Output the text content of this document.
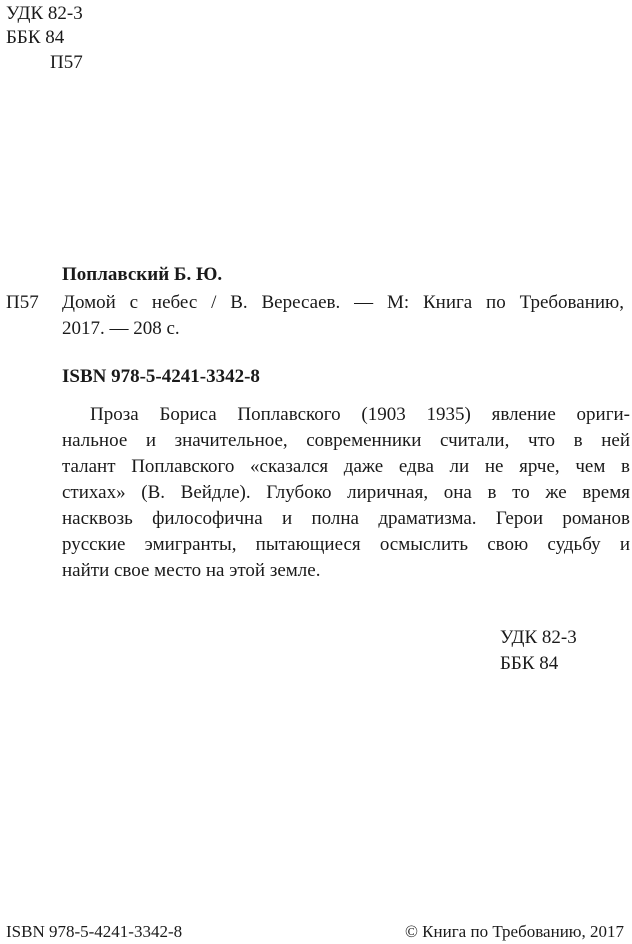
УДК 82-3
ББК 84
П57
Поплавский Б. Ю.
П57 Домой с небес / В. Вересаев. — М: Книга по Требованию,
2017. — 208 с.
ISBN 978-5-4241-3342-8
Проза Бориса Поплавского (1903 1935) явление ориги-
нальное и значительное, современники считали, что в ней
талант Поплавского «сказался даже едва ли не ярче, чем в
стихах» (В. Вейдле). Глубоко лиричная, она в то же время
насквозь философична и полна драматизма. Герои романов
русские эмигранты, пытающиеся осмыслить свою судьбу и
найти свое место на этой земле.
УДК 82-3
ББК 84
ISBN 978-5-4241-3342-8	© Книга по Требованию, 2017
